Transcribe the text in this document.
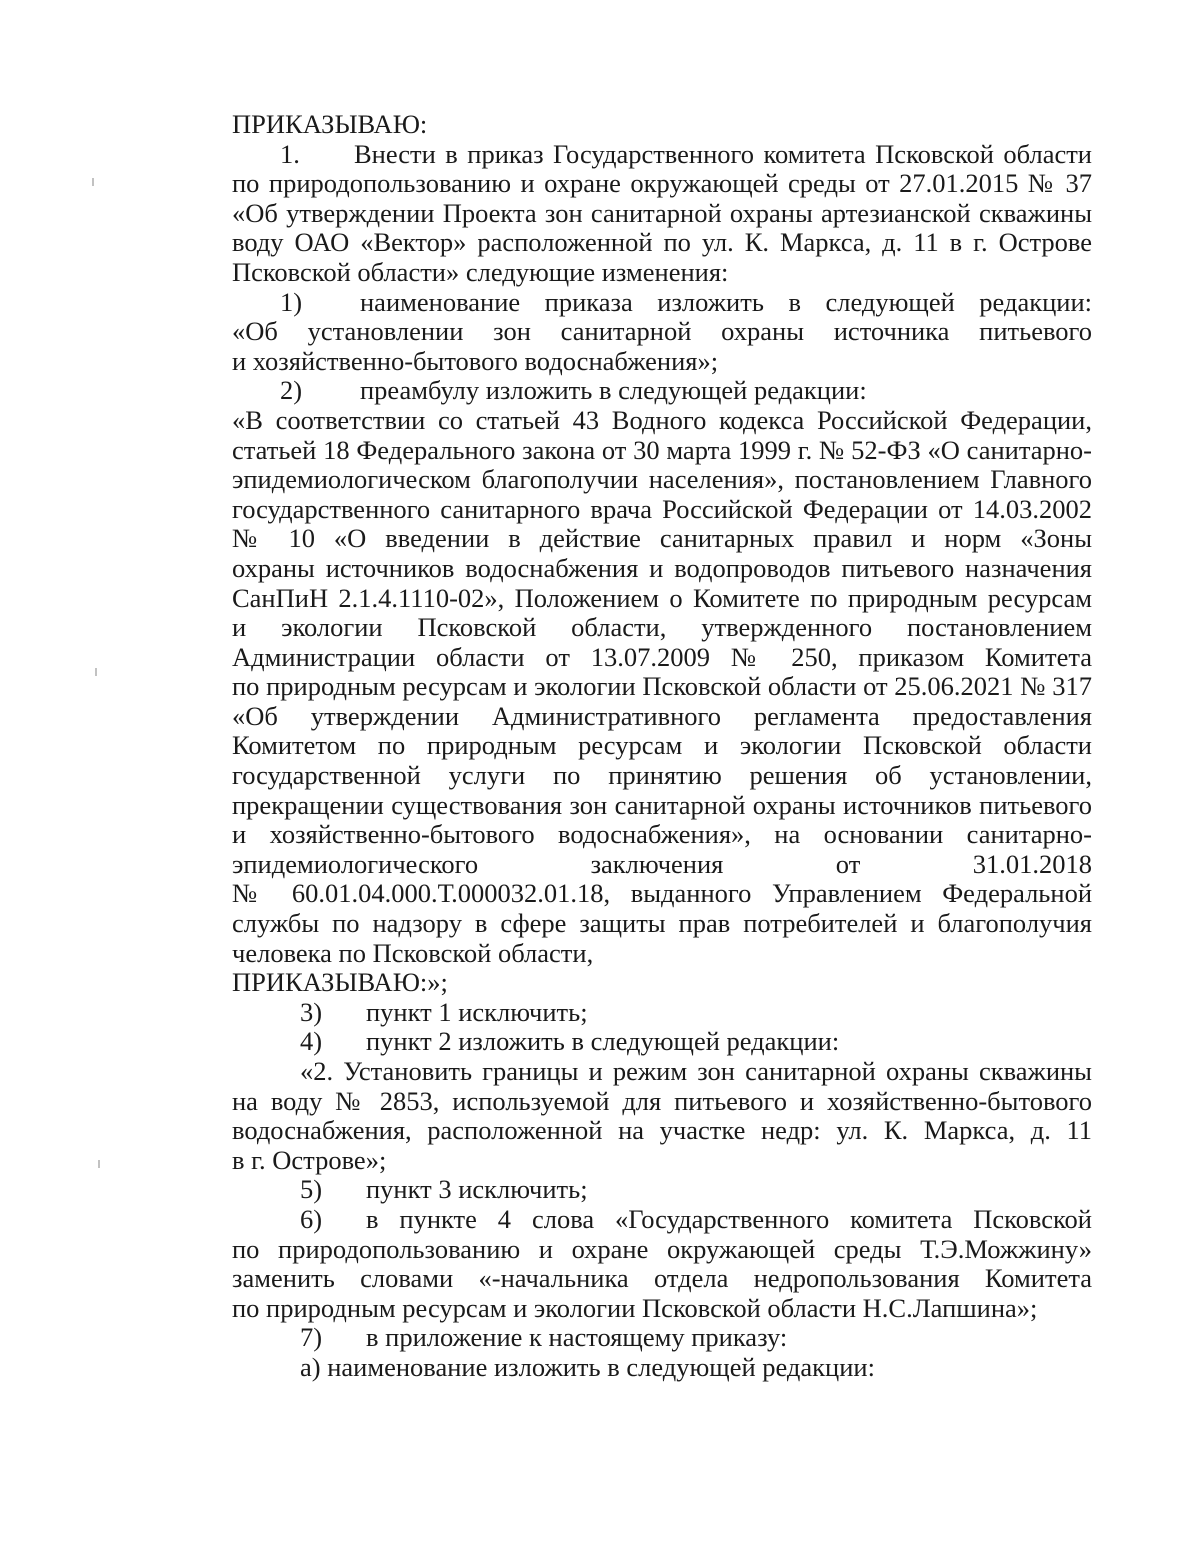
ПРИКАЗЫВАЮ:
1. Внести в приказ Государственного комитета Псковской области
по природопользованию и охране окружающей среды от 27.01.2015 № 37
«Об утверждении Проекта зон санитарной охраны артезианской скважины
воду ОАО «Вектор» расположенной по ул. К. Маркса, д. 11 в г. Острове
Псковской области» следующие изменения:
1) наименование приказа изложить в следующей редакции:
«Об установлении зон санитарной охраны источника питьевого
и хозяйственно-бытового водоснабжения»;
2) преамбулу изложить в следующей редакции:
«В соответствии со статьей 43 Водного кодекса Российской Федерации,
статьей 18 Федерального закона от 30 марта 1999 г. № 52-ФЗ «О санитарно-
эпидемиологическом благополучии населения», постановлением Главного
государственного санитарного врача Российской Федерации от 14.03.2002
№ 10 «О введении в действие санитарных правил и норм «Зоны
охраны источников водоснабжения и водопроводов питьевого назначения
СанПиН 2.1.4.1110-02», Положением о Комитете по природным ресурсам
и экологии Псковской области, утвержденного постановлением
Администрации области от 13.07.2009 № 250, приказом Комитета
по природным ресурсам и экологии Псковской области от 25.06.2021 № 317
«Об утверждении Административного регламента предоставления
Комитетом по природным ресурсам и экологии Псковской области
государственной услуги по принятию решения об установлении,
прекращении существования зон санитарной охраны источников питьевого
и хозяйственно-бытового водоснабжения», на основании санитарно-
эпидемиологического заключения от 31.01.2018
№ 60.01.04.000.Т.000032.01.18, выданного Управлением Федеральной
службы по надзору в сфере защиты прав потребителей и благополучия
человека по Псковской области,
ПРИКАЗЫВАЮ:»;
3) пункт 1 исключить;
4) пункт 2 изложить в следующей редакции:
«2. Установить границы и режим зон санитарной охраны скважины
на воду № 2853, используемой для питьевого и хозяйственно-бытового
водоснабжения, расположенной на участке недр: ул. К. Маркса, д. 11
в г. Острове»;
5) пункт 3 исключить;
6) в пункте 4 слова «Государственного комитета Псковской
по природопользованию и охране окружающей среды Т.Э.Можжину»
заменить словами «-начальника отдела недропользования Комитета
по природным ресурсам и экологии Псковской области Н.С.Лапшина»;
7) в приложение к настоящему приказу:
а) наименование изложить в следующей редакции:
